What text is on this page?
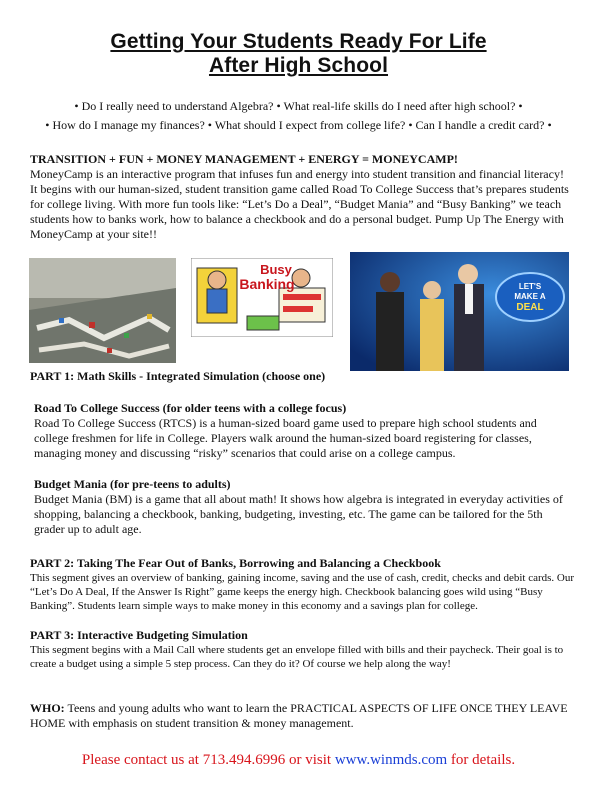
Getting Your Students Ready For Life
After High School
• Do I really need to understand Algebra? • What real-life skills do I need after high school? •
• How do I manage my finances? • What should I expect from college life? • Can I handle a credit card? •
TRANSITION + FUN + MONEY MANAGEMENT + ENERGY = MONEYCAMP!
MoneyCamp is an interactive program that infuses fun and energy into student transition and financial literacy! It begins with our human-sized, student transition game called Road To College Success that’s prepares students for college living. With more fun tools like: “Let’s Do a Deal”, “Budget Mania” and “Busy Banking” we teach students how to banks work, how to balance a checkbook and do a personal budget. Pump Up The Energy with MoneyCamp at your site!!
Busy
Banking	LET'S
MAKE A
DEAL
PART 1: Math Skills - Integrated Simulation (choose one)
Road To College Success (for older teens with a college focus)
Road To College Success (RTCS) is a human-sized board game used to prepare high school students and college freshmen for life in College. Players walk around the human-sized board registering for classes, managing money and discussing “risky” scenarios that could arise on a college campus.
Budget Mania (for pre-teens to adults)
Budget Mania (BM) is a game that all about math! It shows how algebra is integrated in everyday activities of shopping, balancing a checkbook, banking, budgeting, investing, etc. The game can be tailored for the 5th grader up to adult age.
PART 2: Taking The Fear Out of Banks, Borrowing and Balancing a Checkbook
This segment gives an overview of banking, gaining income, saving and the use of cash, credit, checks and debit cards. Our “Let’s Do A Deal, If the Answer Is Right” game keeps the energy high. Checkbook balancing goes wild using “Busy Banking”. Students learn simple ways to make money in this economy and a savings plan for college.
PART 3: Interactive Budgeting Simulation
This segment begins with a Mail Call where students get an envelope filled with bills and their paycheck. Their goal is to create a budget using a simple 5 step process. Can they do it? Of course we help along the way!
WHO: Teens and young adults who want to learn the PRACTICAL ASPECTS OF LIFE ONCE THEY LEAVE HOME with emphasis on student transition & money management.
Please contact us at 713.494.6996 or visit www.winmds.com for details.
